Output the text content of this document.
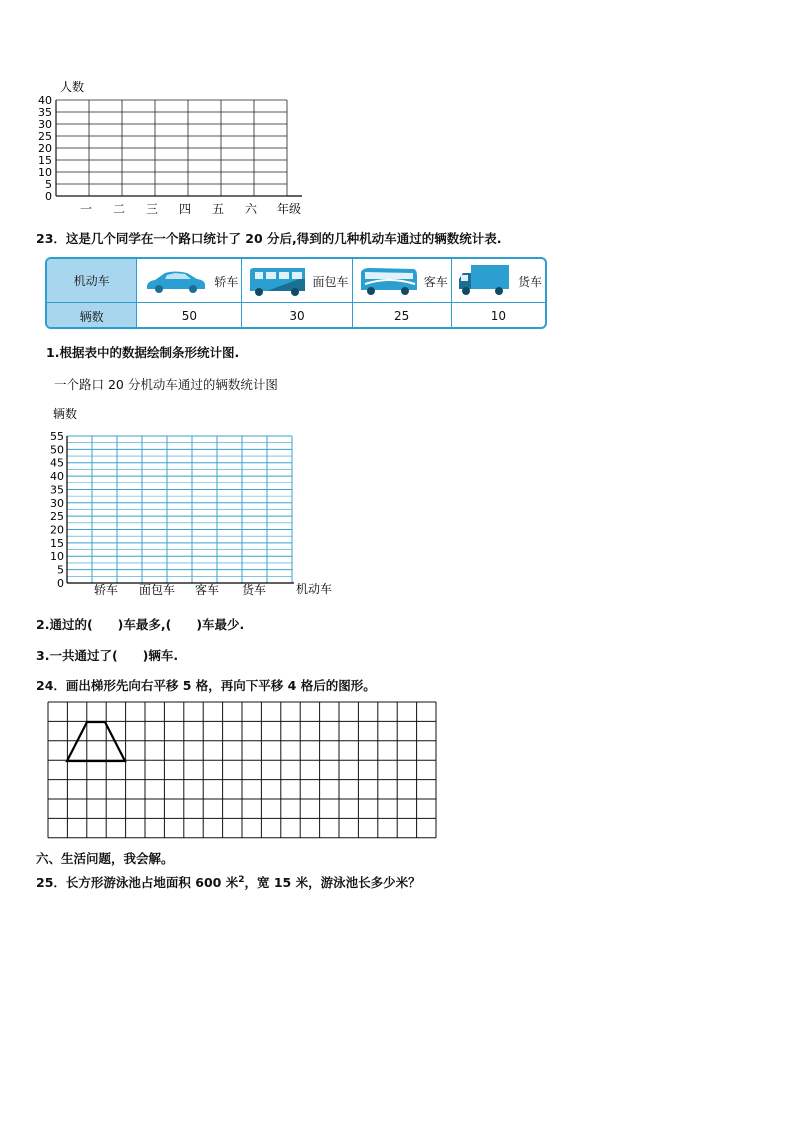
人数
40
35
30
25
20
15
10
5
0
一 二 三 四 五 六 年级
23．这是几个同学在一个路口统计了 20 分后,得到的几种机动车通过的辆数统计表.
机动车	轿车	面包车	客车	货车
辆数	50	30	25	10
1.根据表中的数据绘制条形统计图.
一个路口 20 分机动车通过的辆数统计图
辆数
55
50
45
40
35
30
25
20
15
10
5
0 轿车 面包车 客车 货车 机动车
2.通过的(　　)车最多,(　　)车最少.
3.一共通过了(　　)辆车.
24．画出梯形先向右平移 5 格，再向下平移 4 格后的图形。
六、生活问题，我会解。
25．长方形游泳池占地面积 600 米$^2$，宽 15 米，游泳池长多少米？
